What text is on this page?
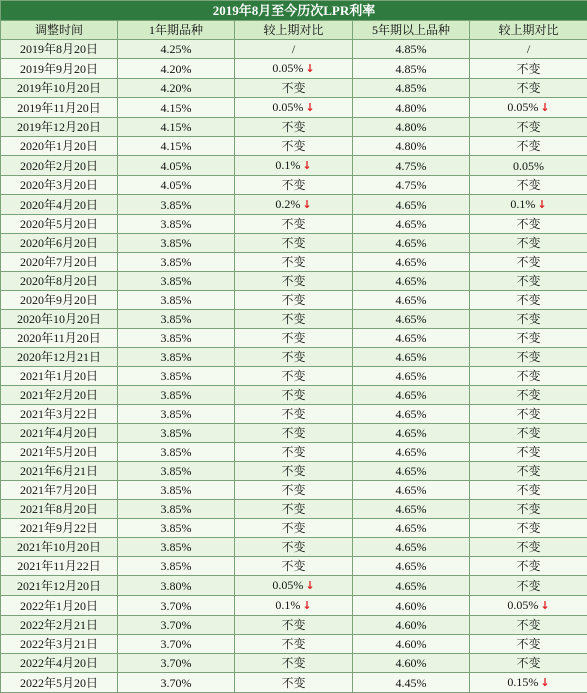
2019年8月至今历次LPR利率				
调整时间	1年期品种	较上期对比	5年期以上品种	较上期对比
2019年8月20日	4.25%	/	4.85%	/
2019年9月20日	4.20%	0.05% ↓	4.85%	不变
2019年10月20日	4.20%	不变	4.85%	不变
2019年11月20日	4.15%	0.05% ↓	4.80%	0.05% ↓
2019年12月20日	4.15%	不变	4.80%	不变
2020年1月20日	4.15%	不变	4.80%	不变
2020年2月20日	4.05%	0.1% ↓	4.75%	0.05%
2020年3月20日	4.05%	不变	4.75%	不变
2020年4月20日	3.85%	0.2% ↓	4.65%	0.1% ↓
2020年5月20日	3.85%	不变	4.65%	不变
2020年6月20日	3.85%	不变	4.65%	不变
2020年7月20日	3.85%	不变	4.65%	不变
2020年8月20日	3.85%	不变	4.65%	不变
2020年9月20日	3.85%	不变	4.65%	不变
2020年10月20日	3.85%	不变	4.65%	不变
2020年11月20日	3.85%	不变	4.65%	不变
2020年12月21日	3.85%	不变	4.65%	不变
2021年1月20日	3.85%	不变	4.65%	不变
2021年2月20日	3.85%	不变	4.65%	不变
2021年3月22日	3.85%	不变	4.65%	不变
2021年4月20日	3.85%	不变	4.65%	不变
2021年5月20日	3.85%	不变	4.65%	不变
2021年6月21日	3.85%	不变	4.65%	不变
2021年7月20日	3.85%	不变	4.65%	不变
2021年8月20日	3.85%	不变	4.65%	不变
2021年9月22日	3.85%	不变	4.65%	不变
2021年10月20日	3.85%	不变	4.65%	不变
2021年11月22日	3.85%	不变	4.65%	不变
2021年12月20日	3.80%	0.05% ↓	4.65%	不变
2022年1月20日	3.70%	0.1% ↓	4.60%	0.05% ↓
2022年2月21日	3.70%	不变	4.60%	不变
2022年3月21日	3.70%	不变	4.60%	不变
2022年4月20日	3.70%	不变	4.60%	不变
2022年5月20日	3.70%	不变	4.45%	0.15% ↓
